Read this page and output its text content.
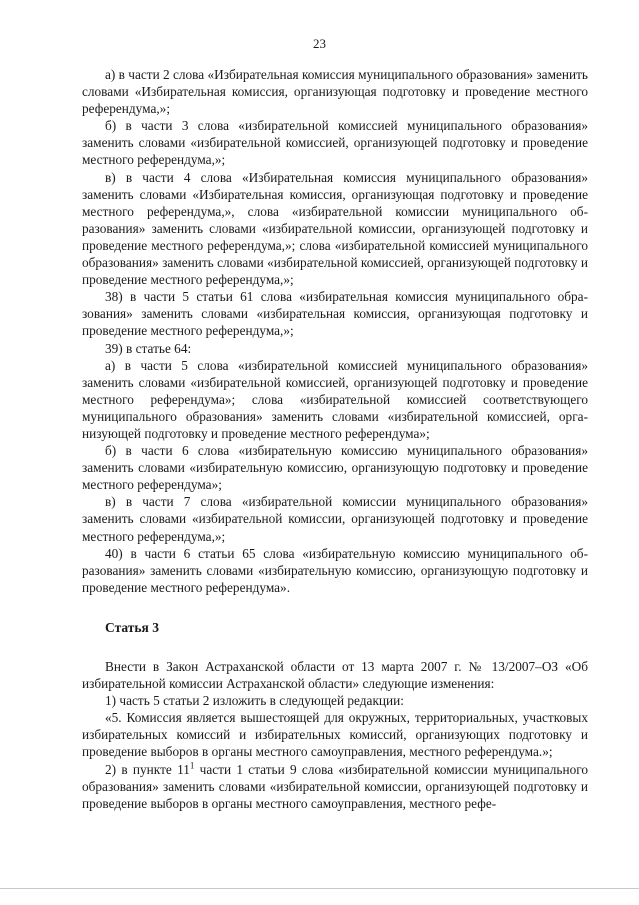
23

а) в части 2 слова «Избирательная комиссия муниципального образования» заменить словами «Избирательная комиссия, организующая подготовку и проведение местного референдума,»;

б) в части 3 слова «избирательной комиссией муниципального образования» заменить словами «избирательной комиссией, организующей подготовку и проведение местного референдума,»;

в) в части 4 слова «Избирательная комиссия муниципального образования» заменить словами «Избирательная комиссия, организующая подготовку и проведение местного референдума,», слова «избирательной комиссии муниципального образования» заменить словами «избирательной комиссии, организующей подготовку и проведение местного референдума,»; слова «избирательной комиссией муниципального образования» заменить словами «избирательной комиссией, организующей подготовку и проведение местного референдума,»;

38) в части 5 статьи 61 слова «избирательная комиссия муниципального образования» заменить словами «избирательная комиссия, организующая подготовку и проведение местного референдума,»;

39) в статье 64:

а) в части 5 слова «избирательной комиссией муниципального образования» заменить словами «избирательной комиссией, организующей подготовку и проведение местного референдума»; слова «избирательной комиссией соответствующего муниципального образования» заменить словами «избирательной комиссией, организующей подготовку и проведение местного референдума»;

б) в части 6 слова «избирательную комиссию муниципального образования» заменить словами «избирательную комиссию, организующую подготовку и проведение местного референдума»;

в) в части 7 слова «избирательной комиссии муниципального образования» заменить словами «избирательной комиссии, организующей подготовку и проведение местного референдума,»;

40) в части 6 статьи 65 слова «избирательную комиссию муниципального образования» заменить словами «избирательную комиссию, организующую подготовку и проведение местного референдума».

Статья 3

Внести в Закон Астраханской области от 13 марта 2007 г. № 13/2007–ОЗ «Об избирательной комиссии Астраханской области» следующие изменения:

1) часть 5 статьи 2 изложить в следующей редакции:

«5. Комиссия является вышестоящей для окружных, территориальных, участковых избирательных комиссий и избирательных комиссий, организующих подготовку и проведение выборов в органы местного самоуправления, местного референдума.»;

2) в пункте $11^1$ части 1 статьи 9 слова «избирательной комиссии муниципального образования» заменить словами «избирательной комиссии, организующей подготовку и проведение выборов в органы местного самоуправления, местного рефе-
